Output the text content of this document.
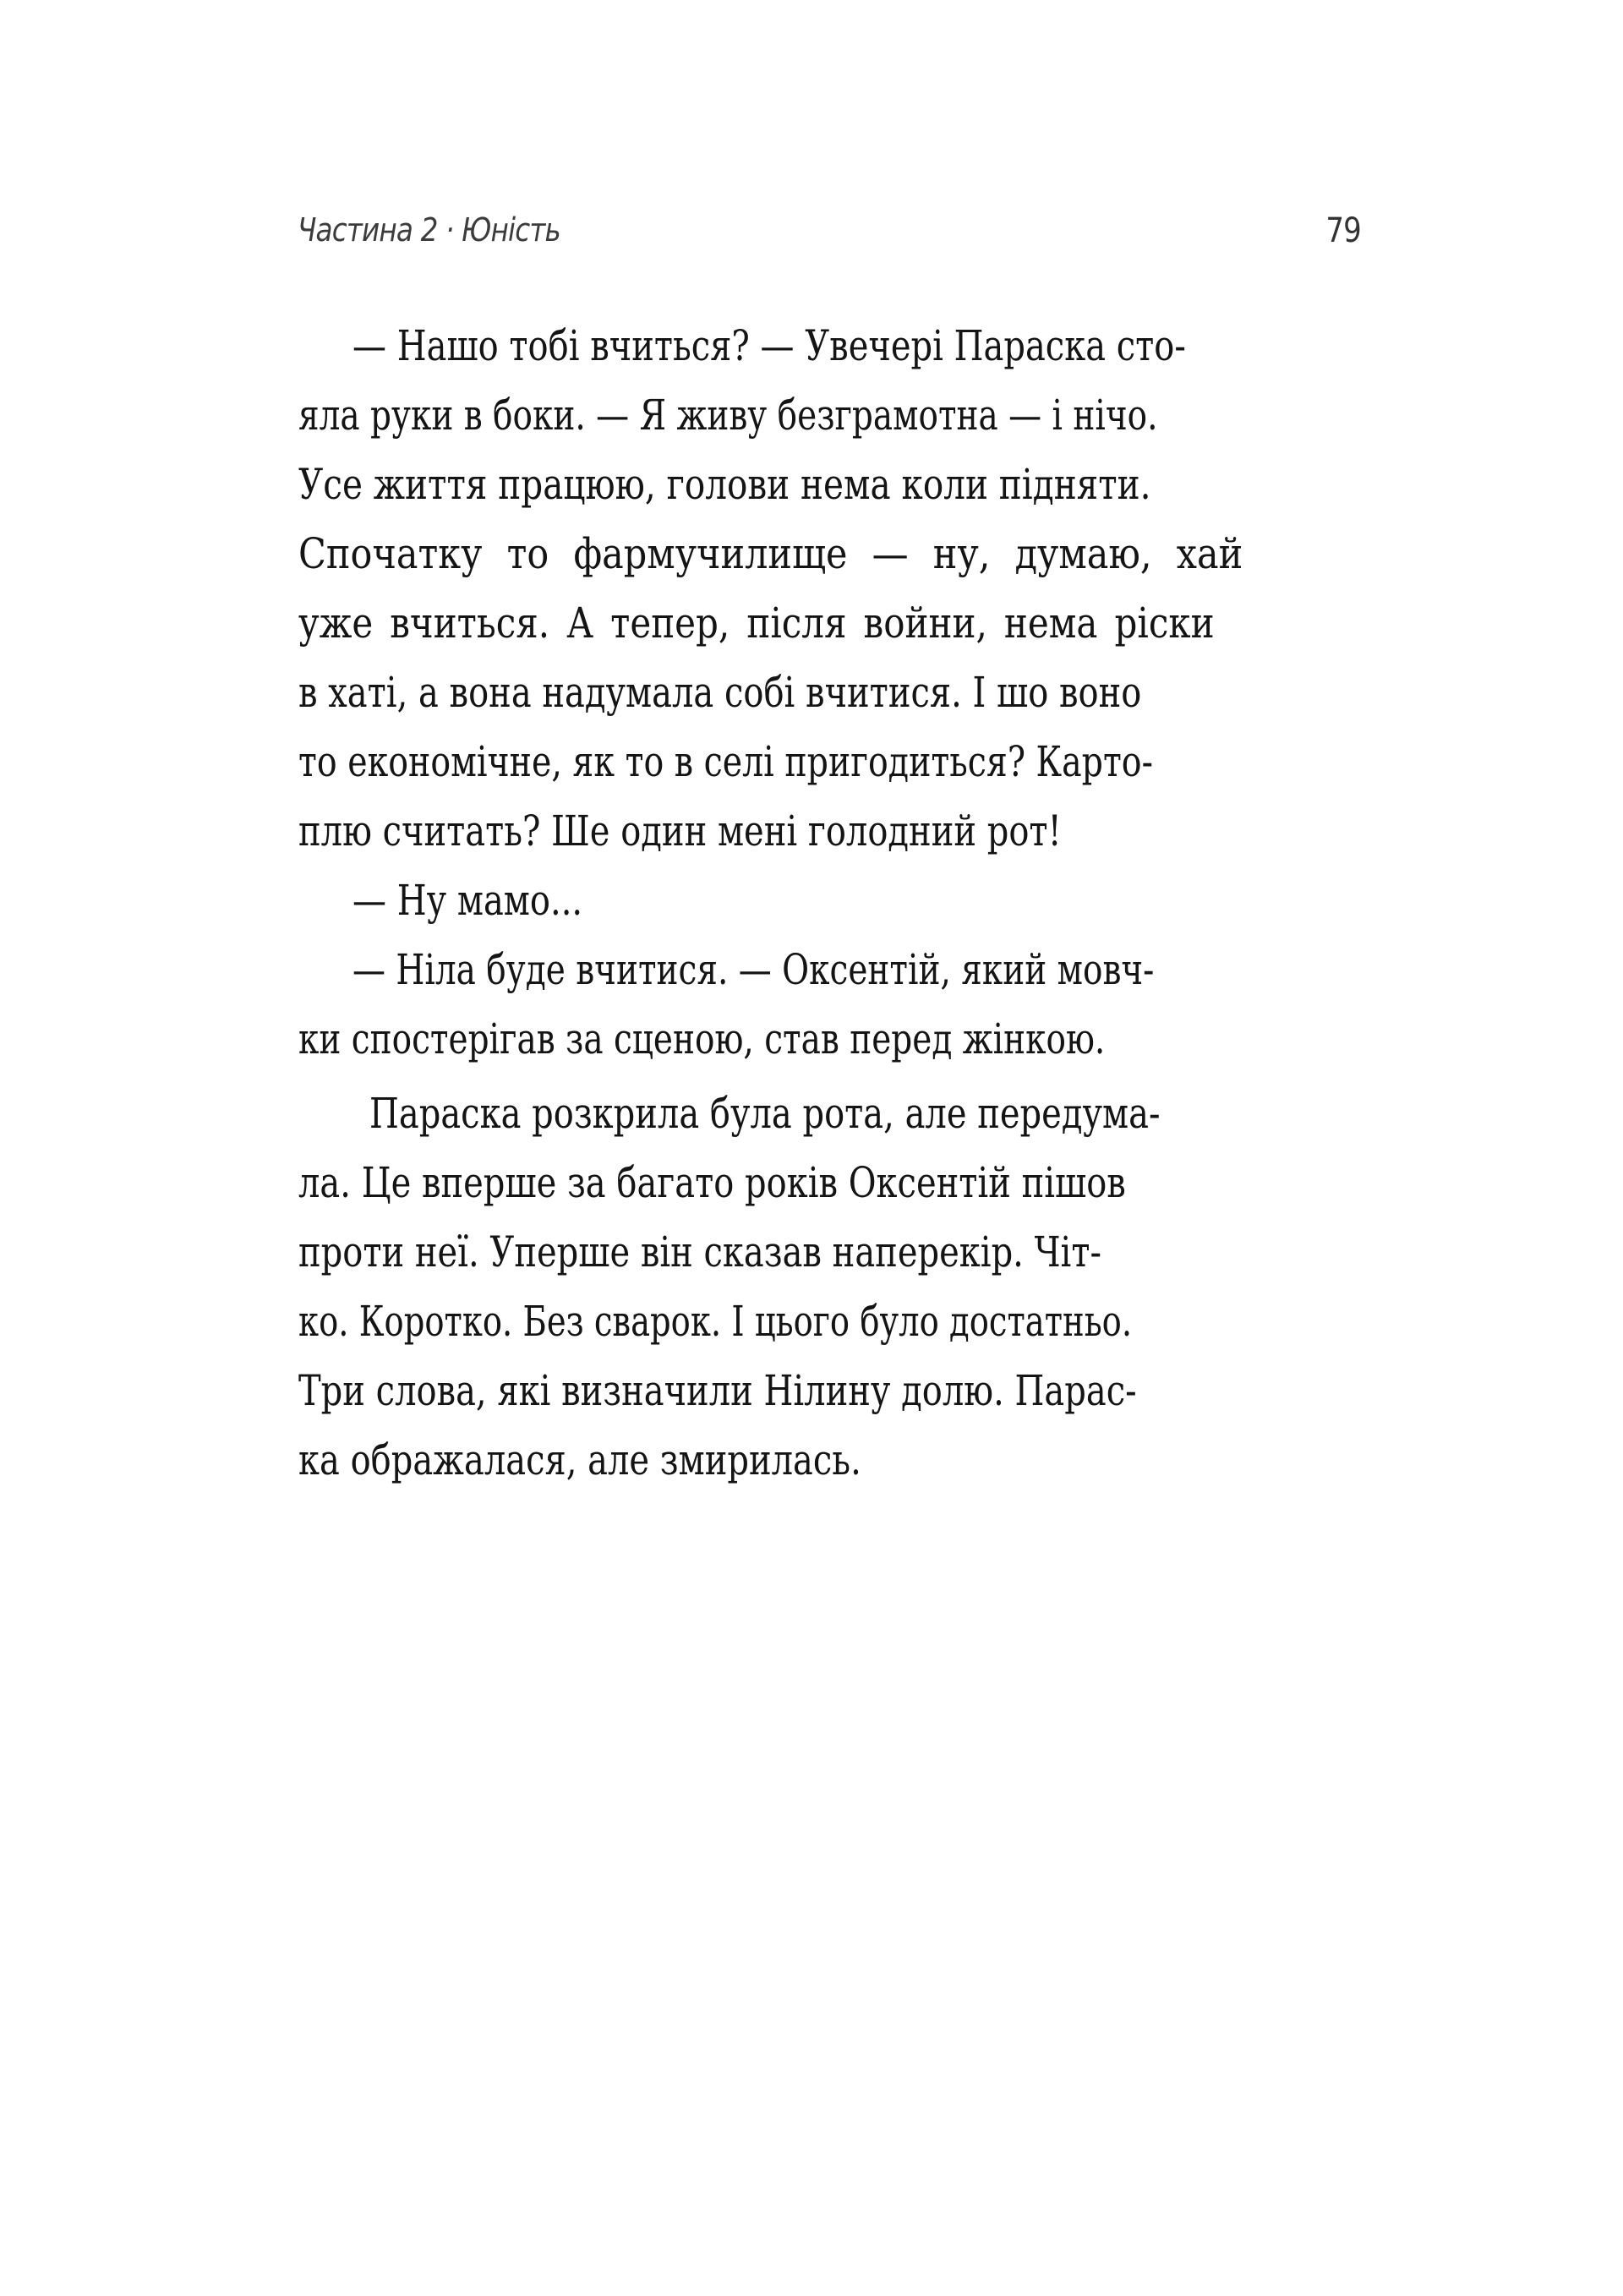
Частина 2 · Юність	79
— Нашо тобі вчиться? — Увечері Параска сто-
яла руки в боки. — Я живу безграмотна — і нічо.
Усе життя працюю, голови нема коли підняти.
Спочатку то фармучилище — ну, думаю, хай
уже вчиться. А тепер, після войни, нема ріски
в хаті, а вона надумала собі вчитися. І шо воно
то економічне, як то в селі пригодиться? Карто-
плю считать? Ше один мені голодний рот!
— Ну мамо...
— Ніла буде вчитися. — Оксентій, який мовч-
ки спостерігав за сценою, став перед жінкою.
Параска розкрила була рота, але передума-
ла. Це вперше за багато років Оксентій пішов
проти неї. Уперше він сказав наперекір. Чіт-
ко. Коротко. Без сварок. І цього було достатньо.
Три слова, які визначили Нілину долю. Парас-
ка ображалася, але змирилась.
